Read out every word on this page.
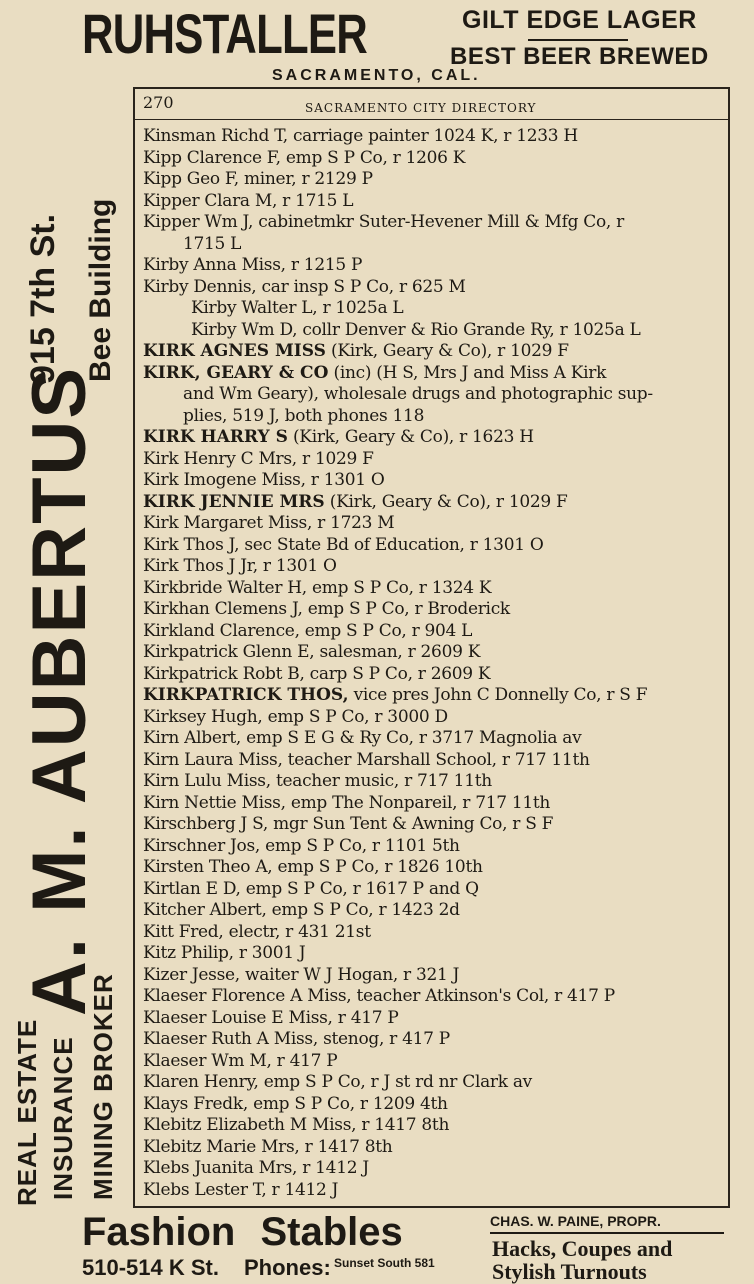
RUHSTALLER	GILT EDGE LAGER
BEST BEER BREWED
SACRAMENTO, CAL.
A. M. AUBERTUS
915 7th St. Bee Building
REAL ESTATE INSURANCE MINING BROKER
270	SACRAMENTO CITY DIRECTORY
Kinsman Richd T, carriage painter 1024 K, r 1233 H
Kipp Clarence F, emp S P Co, r 1206 K
Kipp Geo F, miner, r 2129 P
Kipper Clara M, r 1715 L
Kipper Wm J, cabinetmkr Suter-Hevener Mill & Mfg Co, r
1715 L
Kirby Anna Miss, r 1215 P
Kirby Dennis, car insp S P Co, r 625 M
Kirby Walter L, r 1025a L
Kirby Wm D, collr Denver & Rio Grande Ry, r 1025a L
KIRK AGNES MISS (Kirk, Geary & Co), r 1029 F
KIRK, GEARY & CO (inc) (H S, Mrs J and Miss A Kirk
and Wm Geary), wholesale drugs and photographic sup-
plies, 519 J, both phones 118
KIRK HARRY S (Kirk, Geary & Co), r 1623 H
Kirk Henry C Mrs, r 1029 F
Kirk Imogene Miss, r 1301 O
KIRK JENNIE MRS (Kirk, Geary & Co), r 1029 F
Kirk Margaret Miss, r 1723 M
Kirk Thos J, sec State Bd of Education, r 1301 O
Kirk Thos J Jr, r 1301 O
Kirkbride Walter H, emp S P Co, r 1324 K
Kirkhan Clemens J, emp S P Co, r Broderick
Kirkland Clarence, emp S P Co, r 904 L
Kirkpatrick Glenn E, salesman, r 2609 K
Kirkpatrick Robt B, carp S P Co, r 2609 K
KIRKPATRICK THOS, vice pres John C Donnelly Co, r S F
Kirksey Hugh, emp S P Co, r 3000 D
Kirn Albert, emp S E G & Ry Co, r 3717 Magnolia av
Kirn Laura Miss, teacher Marshall School, r 717 11th
Kirn Lulu Miss, teacher music, r 717 11th
Kirn Nettie Miss, emp The Nonpareil, r 717 11th
Kirschberg J S, mgr Sun Tent & Awning Co, r S F
Kirschner Jos, emp S P Co, r 1101 5th
Kirsten Theo A, emp S P Co, r 1826 10th
Kirtlan E D, emp S P Co, r 1617 P and Q
Kitcher Albert, emp S P Co, r 1423 2d
Kitt Fred, electr, r 431 21st
Kitz Philip, r 3001 J
Kizer Jesse, waiter W J Hogan, r 321 J
Klaeser Florence A Miss, teacher Atkinson's Col, r 417 P
Klaeser Louise E Miss, r 417 P
Klaeser Ruth A Miss, stenog, r 417 P
Klaeser Wm M, r 417 P
Klaren Henry, emp S P Co, r J st rd nr Clark av
Klays Fredk, emp S P Co, r 1209 4th
Klebitz Elizabeth M Miss, r 1417 8th
Klebitz Marie Mrs, r 1417 8th
Klebs Juanita Mrs, r 1412 J
Klebs Lester T, r 1412 J
Fashion Stables	CHAS. W. PAINE, PROPR.
Hacks, Coupes and
Stylish Turnouts
510-514 K St. Phones: Sunset South 581
